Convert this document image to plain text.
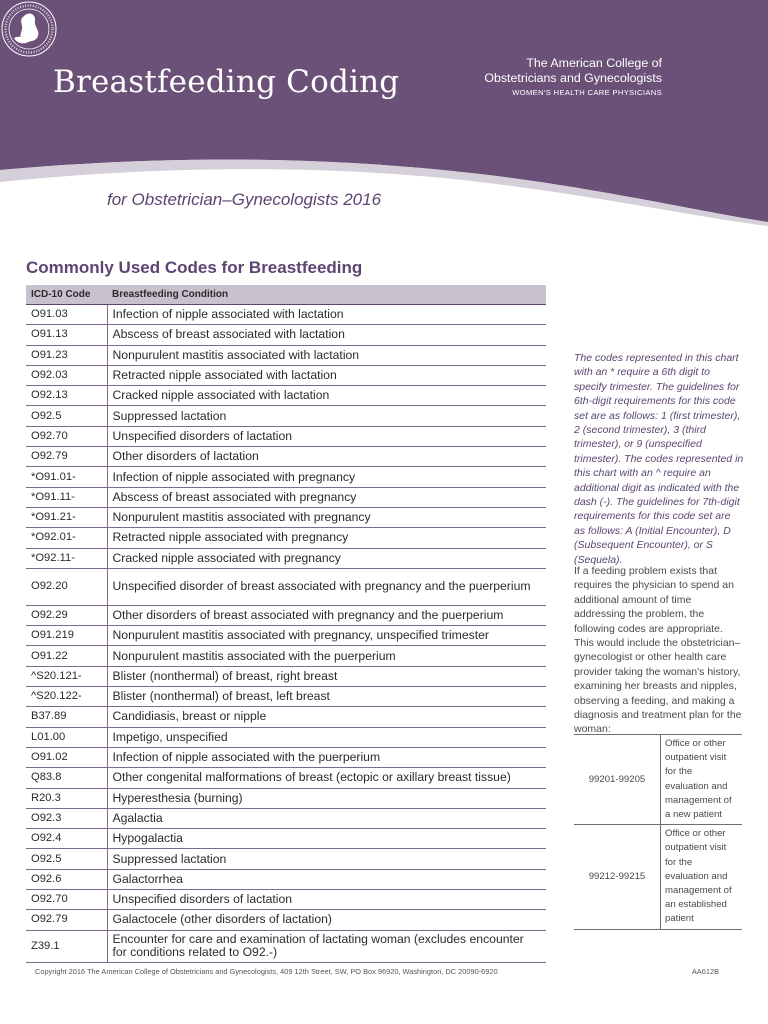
Breastfeeding Coding
The American College of
Obstetricians and Gynecologists
WOMEN'S HEALTH CARE PHYSICIANS
for Obstetrician–Gynecologists 2016
Commonly Used Codes for Breastfeeding
ICD-10 Code	Breastfeeding Condition
O91.03	Infection of nipple associated with lactation
O91.13	Abscess of breast associated with lactation
O91.23	Nonpurulent mastitis associated with lactation
O92.03	Retracted nipple associated with lactation
O92.13	Cracked nipple associated with lactation
O92.5	Suppressed lactation
O92.70	Unspecified disorders of lactation
O92.79	Other disorders of lactation
*O91.01-	Infection of nipple associated with pregnancy
*O91.11-	Abscess of breast associated with pregnancy
*O91.21-	Nonpurulent mastitis associated with pregnancy
*O92.01-	Retracted nipple associated with pregnancy
*O92.11-	Cracked nipple associated with pregnancy
O92.20	Unspecified disorder of breast associated with pregnancy and the puerperium
O92.29	Other disorders of breast associated with pregnancy and the puerperium
O91.219	Nonpurulent mastitis associated with pregnancy, unspecified trimester
O91.22	Nonpurulent mastitis associated with the puerperium
^S20.121-	Blister (nonthermal) of breast, right breast
^S20.122-	Blister (nonthermal) of breast, left breast
B37.89	Candidiasis, breast or nipple
L01.00	Impetigo, unspecified
O91.02	Infection of nipple associated with the puerperium
Q83.8	Other congenital malformations of breast (ectopic or axillary breast tissue)
R20.3	Hyperesthesia (burning)
O92.3	Agalactia
O92.4	Hypogalactia
O92.5	Suppressed lactation
O92.6	Galactorrhea
O92.70	Unspecified disorders of lactation
O92.79	Galactocele (other disorders of lactation)
Z39.1	Encounter for care and examination of lactating woman (excludes encounter for conditions related to O92.-)
The codes represented in this chart with an * require a 6th digit to specify trimester. The guidelines for 6th-digit requirements for this code set are as follows: 1 (first trimester), 2 (second trimester), 3 (third trimester), or 9 (unspecified trimester). The codes represented in this chart with an ^ require an additional digit as indicated with the dash (-). The guidelines for 7th-digit requirements for this code set are as follows: A (Initial Encounter), D (Subsequent Encounter), or S (Sequela).
If a feeding problem exists that requires the physician to spend an additional amount of time addressing the problem, the following codes are appropriate. This would include the obstetrician–gynecologist or other health care provider taking the woman's history, examining her breasts and nipples, observing a feeding, and making a diagnosis and treatment plan for the woman:
99201-99205	Office or other outpatient visit for the evaluation and management of a new patient
99212-99215	Office or other outpatient visit for the evaluation and management of an established patient
Copyright 2016 The American College of Obstetricians and Gynecologists, 409 12th Street, SW, PO Box 96920, Washington, DC 20090-6920	AA612B
